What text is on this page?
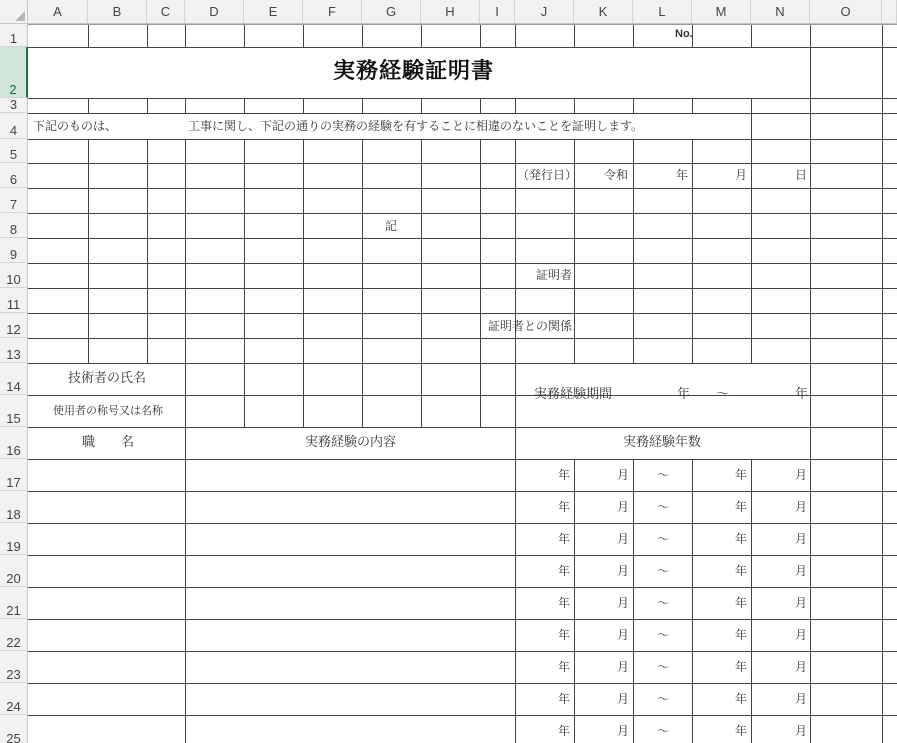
A	B	C	D	E	F	G	H	I	J	K	L	M	N	O
1
2
3
4
5
6
7
8
9
10
11
12
13
14
15
16
17
18
19
20
21
22
23
24
25
No.
実務経験証明書
下記のものは、	工事に関し、下記の通りの実務の経験を有することに相違のないことを証明します。
（発行日） 令和	年	月	日
記
証明者
証明者との関係
技術者の氏名
使用者の称号又は名称
実務経験期間	年 ～	年
職　　名	実務経験の内容	実務経験年数
年	月 ～	年	月
年	月 ～	年	月
年	月 ～	年	月
年	月 ～	年	月
年	月 ～	年	月
年	月 ～	年	月
年	月 ～	年	月
年	月 ～	年	月
年	月 ～	年	月
